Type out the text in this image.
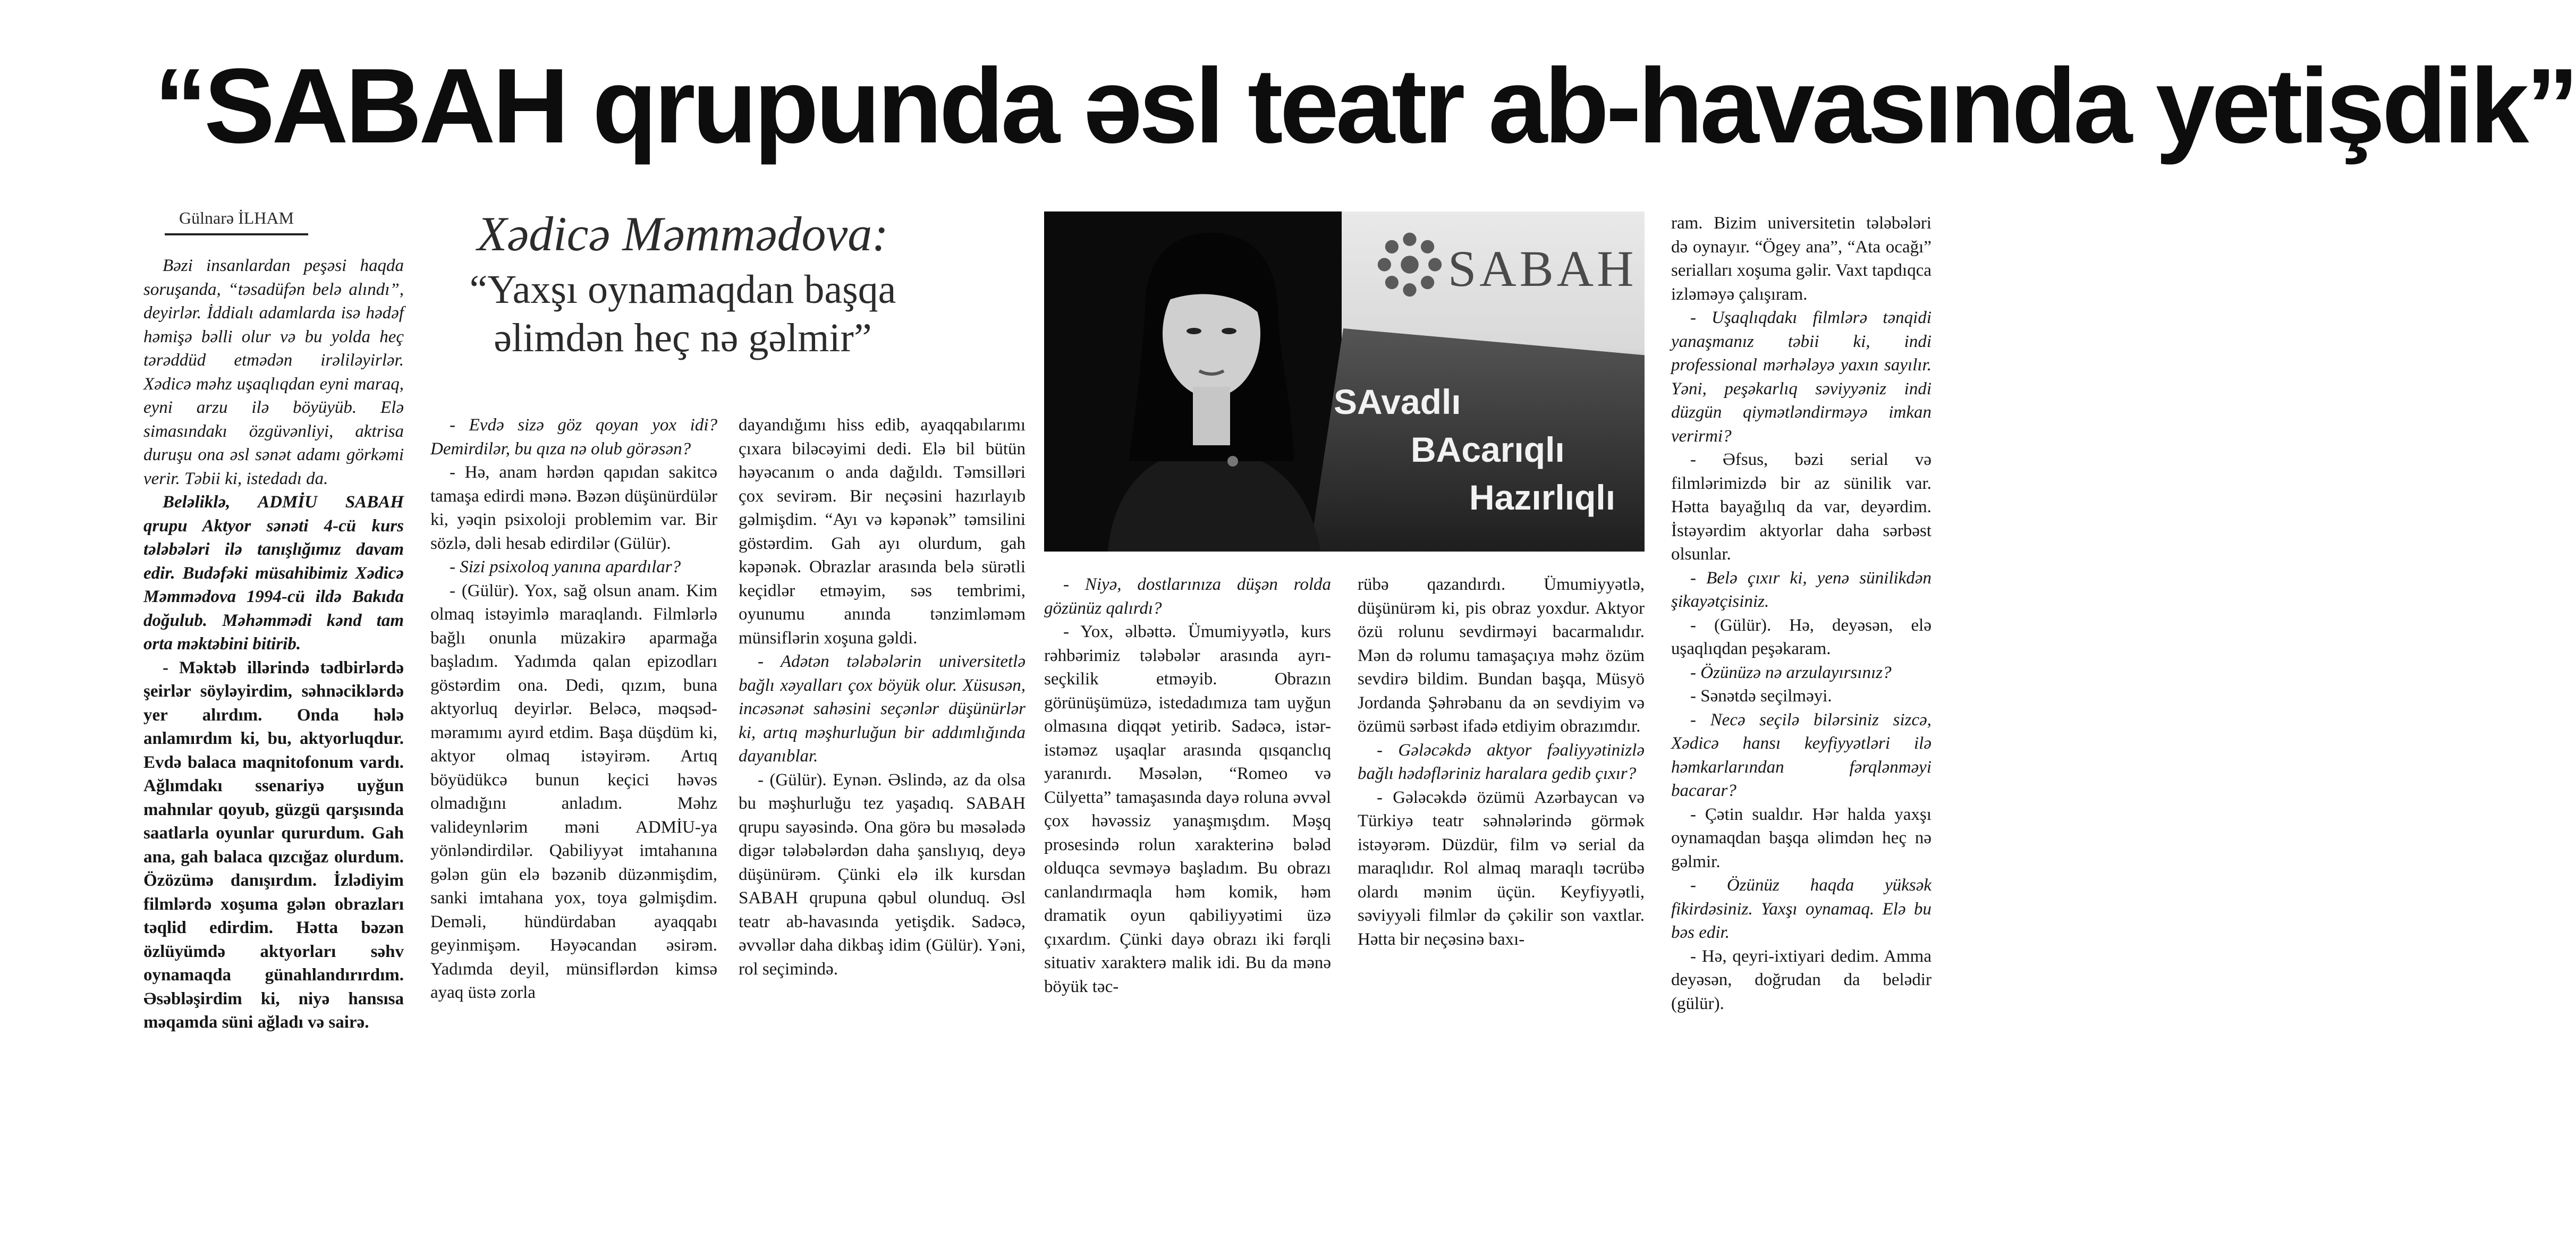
“SABAH qrupunda əsl teatr ab-havasında yetişdik”
Gülnarə İLHAM

Bəzi insanlardan peşəsi haqda soruşanda, “təsadüfən belə alındı”, deyirlər. İddialı adamlarda isə hədəf həmişə bəlli olur və bu yolda heç tərəddüd etmədən irəliləyirlər. Xədicə məhz uşaqlıqdan eyni maraq, eyni arzu ilə böyüyüb. Elə simasındakı özgüvənliyi, aktrisa duruşu ona əsl sənət adamı görkəmi verir. Təbii ki, istedadı da.

Beləliklə, ADMİU SABAH qrupu Aktyor sənəti 4-cü kurs tələbələri ilə tanışlığımız davam edir. Budəfəki müsahibimiz Xədicə Məmmədova 1994-cü ildə Bakıda doğulub. Məhəmmədi kənd tam orta məktəbini bitirib.

- Məktəb illərində tədbirlərdə şeirlər söyləyirdim, səhnəciklərdə yer alırdım. Onda hələ anlamırdım ki, bu, aktyorluqdur. Evdə balaca maqnitofonum vardı. Ağlımdakı ssenariyə uyğun mahnılar qoyub, güzgü qarşısında saatlarla oyunlar qururdum. Gah ana, gah balaca qızcığaz olurdum. Özözümə danışırdım. İzlədiyim filmlərdə xoşuma gələn obrazları təqlid edirdim. Hətta bəzən özlüyümdə aktyorları səhv oynamaqda günahlandırırdım. Əsəbləşirdim ki, niyə hansısa məqamda süni ağladı və sairə.

Xədicə Məmmədova:
“Yaxşı oynamaqdan başqa
əlimdən heç nə gəlmir”

- Evdə sizə göz qoyan yox idi? Demirdilər, bu qıza nə olub görəsən?

- Hə, anam hərdən qapıdan sakitcə tamaşa edirdi mənə. Bəzən düşünürdülər ki, yəqin psixoloji problemim var. Bir sözlə, dəli hesab edirdilər (Gülür).

- Sizi psixoloq yanına apardılar?

- (Gülür). Yox, sağ olsun anam. Kim olmaq istəyimlə maraqlandı. Filmlərlə bağlı onunla müzakirə aparmağa başladım. Yadımda qalan epizodları göstərdim ona. Dedi, qızım, buna aktyorluq deyirlər. Beləcə, məqsəd-məramımı ayırd etdim. Başa düşdüm ki, aktyor olmaq istəyirəm. Artıq böyüdükcə bunun keçici həvəs olmadığını anladım. Məhz valideynlərim məni ADMİU-ya yönləndirdilər. Qabiliyyət imtahanına gələn gün elə bəzənib düzənmişdim, sanki imtahana yox, toya gəlmişdim. Deməli, hündürdaban ayaqqabı geyinmişəm. Həyəcandan əsirəm. Yadımda deyil, münsiflərdən kimsə ayaq üstə zorla

dayandığımı hiss edib, ayaqqabılarımı çıxara biləcəyimi dedi. Elə bil bütün həyəcanım o anda dağıldı. Təmsilləri çox sevirəm. Bir neçəsini hazırlayıb gəlmişdim. “Ayı və kəpənək” təmsilini göstərdim. Gah ayı olurdum, gah kəpənək. Obrazlar arasında belə sürətli keçidlər etməyim, səs tembrimi, oyunumu anında tənzimləməm münsiflərin xoşuna gəldi.

- Adətən tələbələrin universitetlə bağlı xəyalları çox böyük olur. Xüsusən, incəsənət sahəsini seçənlər düşünürlər ki, artıq məşhurluğun bir addımlığında dayanıblar.

- (Gülür). Eynən. Əslində, az da olsa bu məşhurluğu tez yaşadıq. SABAH qrupu sayəsində. Ona görə bu məsələdə digər tələbələrdən daha şanslıyıq, deyə düşünürəm. Çünki elə ilk kursdan SABAH qrupuna qəbul olunduq. Əsl teatr ab-havasında yetişdik. Sadəcə, əvvəllər daha dikbaş idim (Gülür). Yəni, rol seçimində.

SABAH
SAvadlı
BAcarıqlı
Hazırlıqlı

- Niyə, dostlarınıza düşən rolda gözünüz qalırdı?

- Yox, əlbəttə. Ümumiyyətlə, kurs rəhbərimiz tələbələr arasında ayrı-seçkilik etməyib. Obrazın görünüşümüzə, istedadımıza tam uyğun olmasına diqqət yetirib. Sadəcə, istər-istəməz uşaqlar arasında qısqanclıq yaranırdı. Məsələn, “Romeo və Cülyetta” tamaşasında dayə roluna əvvəl çox həvəssiz yanaşmışdım. Məşq prosesində rolun xarakterinə bələd olduqca sevməyə başladım. Bu obrazı canlandırmaqla həm komik, həm dramatik oyun qabiliyyətimi üzə çıxardım. Çünki dayə obrazı iki fərqli situativ xarakterə malik idi. Bu da mənə böyük təc-

rübə qazandırdı. Ümumiyyətlə, düşünürəm ki, pis obraz yoxdur. Aktyor özü rolunu sevdirməyi bacarmalıdır. Mən də rolumu tamaşaçıya məhz özüm sevdirə bildim. Bundan başqa, Müsyö Jordanda Şəhrəbanu da ən sevdiyim və özümü sərbəst ifadə etdiyim obrazımdır.

- Gələcəkdə aktyor fəaliyyətinizlə bağlı hədəfləriniz haralara gedib çıxır?

- Gələcəkdə özümü Azərbaycan və Türkiyə teatr səhnələrində görmək istəyərəm. Düzdür, film və serial da maraqlıdır. Rol almaq maraqlı təcrübə olardı mənim üçün. Keyfiyyətli, səviyyəli filmlər də çəkilir son vaxtlar. Hətta bir neçəsinə baxı-

ram. Bizim universitetin tələbələri də oynayır. “Ögey ana”, “Ata ocağı” serialları xoşuma gəlir. Vaxt tapdıqca izləməyə çalışıram.

- Uşaqlıqdakı filmlərə tənqidi yanaşmanız təbii ki, indi professional mərhələyə yaxın sayılır. Yəni, peşəkarlıq səviyyəniz indi düzgün qiymətləndirməyə imkan verirmi?

- Əfsus, bəzi serial və filmlərimizdə bir az sünilik var. Hətta bayağılıq da var, deyərdim. İstəyərdim aktyorlar daha sərbəst olsunlar.

- Belə çıxır ki, yenə sünilikdən şikayətçisiniz.

- (Gülür). Hə, deyəsən, elə uşaqlıqdan peşəkaram.

- Özünüzə nə arzulayırsınız?

- Sənətdə seçilməyi.

- Necə seçilə bilərsiniz sizcə, Xədicə hansı keyfiyyətləri ilə həmkarlarından fərqlənməyi bacarar?

- Çətin sualdır. Hər halda yaxşı oynamaqdan başqa əlimdən heç nə gəlmir.

- Özünüz haqda yüksək fikirdəsiniz. Yaxşı oynamaq. Elə bu bəs edir.

- Hə, qeyri-ixtiyari dedim. Amma deyəsən, doğrudan da belədir (gülür).
